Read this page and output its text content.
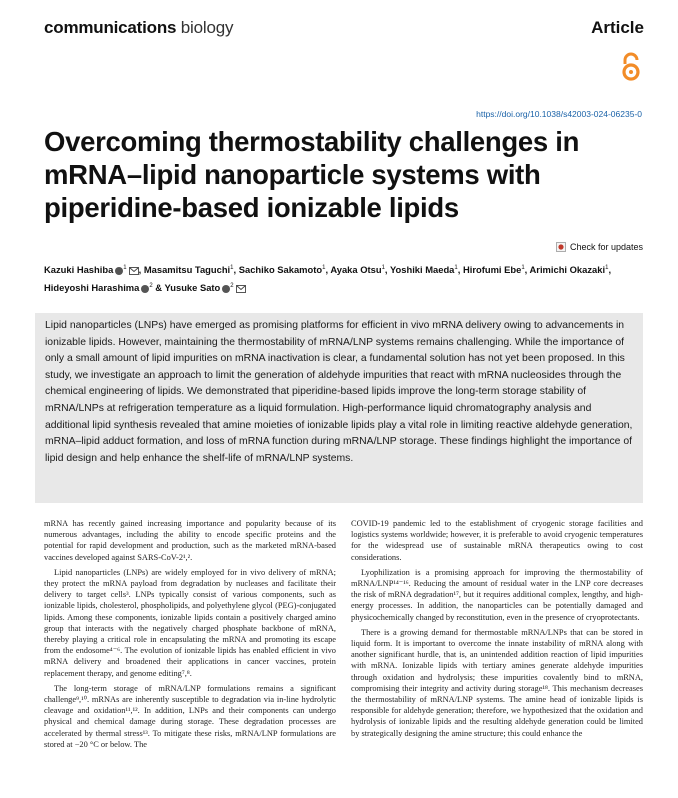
communications biology	Article
https://doi.org/10.1038/s42003-024-06235-0
Overcoming thermostability challenges in mRNA–lipid nanoparticle systems with piperidine-based ionizable lipids
Check for updates
Kazuki Hashiba $^1$ , Masamitsu Taguchi$^1$, Sachiko Sakamoto$^1$, Ayaka Otsu$^1$, Yoshiki Maeda$^1$, Hirofumi Ebe$^1$, Arimichi Okazaki$^1$, Hideyoshi Harashima $^2$ & Yusuke Sato $^2$

Lipid nanoparticles (LNPs) have emerged as promising platforms for efficient in vivo mRNA delivery owing to advancements in ionizable lipids. However, maintaining the thermostability of mRNA/LNP systems remains challenging. While the importance of only a small amount of lipid impurities on mRNA inactivation is clear, a fundamental solution has not yet been proposed. In this study, we investigate an approach to limit the generation of aldehyde impurities that react with mRNA nucleosides through the chemical engineering of lipids. We demonstrated that piperidine-based lipids improve the long-term storage stability of mRNA/LNPs at refrigeration temperature as a liquid formulation. High-performance liquid chromatography analysis and additional lipid synthesis revealed that amine moieties of ionizable lipids play a vital role in limiting reactive aldehyde generation, mRNA–lipid adduct formation, and loss of mRNA function during mRNA/LNP storage. These findings highlight the importance of lipid design and help enhance the shelf-life of mRNA/LNP systems.

mRNA has recently gained increasing importance and popularity because of its numerous advantages, including the ability to encode specific proteins and the potential for rapid development and production, such as the marketed mRNA-based vaccines developed against SARS-CoV-2¹,².

Lipid nanoparticles (LNPs) are widely employed for in vivo delivery of mRNA; they protect the mRNA payload from degradation by nucleases and facilitate their delivery to target cells³. LNPs typically consist of various components, such as ionizable lipids, cholesterol, phospholipids, and polyethylene glycol (PEG)-conjugated lipids. Among these components, ionizable lipids contain a positively charged amino group that interacts with the negatively charged phosphate backbone of mRNA, thereby playing a critical role in encapsulating the mRNA and promoting its escape from the endosome⁴⁻⁶. The evolution of ionizable lipids has enabled efficient in vivo mRNA delivery and broadened their applications in cancer vaccines, protein replacement therapy, and genome editing⁷,⁸.

The long-term storage of mRNA/LNP formulations remains a significant challenge⁹,¹⁰. mRNAs are inherently susceptible to degradation via in-line hydrolytic cleavage and oxidation¹¹,¹². In addition, LNPs and their components can undergo physical and chemical damage during storage. These degradation processes are accelerated by thermal stress¹³. To mitigate these risks, mRNA/LNP formulations are stored at −20 °C or below. The

COVID-19 pandemic led to the establishment of cryogenic storage facilities and logistics systems worldwide; however, it is preferable to avoid cryogenic temperatures for the widespread use of sustainable mRNA therapeutics owing to cost considerations.

Lyophilization is a promising approach for improving the thermostability of mRNA/LNP¹⁴⁻¹⁶. Reducing the amount of residual water in the LNP core decreases the risk of mRNA degradation¹⁷, but it requires additional complex, lengthy, and high-energy processes. In addition, the nanoparticles can be potentially damaged and physicochemically changed by reconstitution, even in the presence of cryoprotectants.

There is a growing demand for thermostable mRNA/LNPs that can be stored in liquid form. It is important to overcome the innate instability of mRNA along with another significant hurdle, that is, an unintended addition reaction of lipid impurities with mRNA. Ionizable lipids with tertiary amines generate aldehyde impurities through oxidation and hydrolysis; these impurities covalently bind to mRNA, compromising their integrity and activity during storage¹⁸. This mechanism decreases the thermostability of mRNA/LNP systems. The amine head of ionizable lipids is responsible for aldehyde generation; therefore, we hypothesized that the oxidation and hydrolysis of ionizable lipids and the resulting aldehyde generation could be limited by strategically designing the amine structure; this could enhance the
